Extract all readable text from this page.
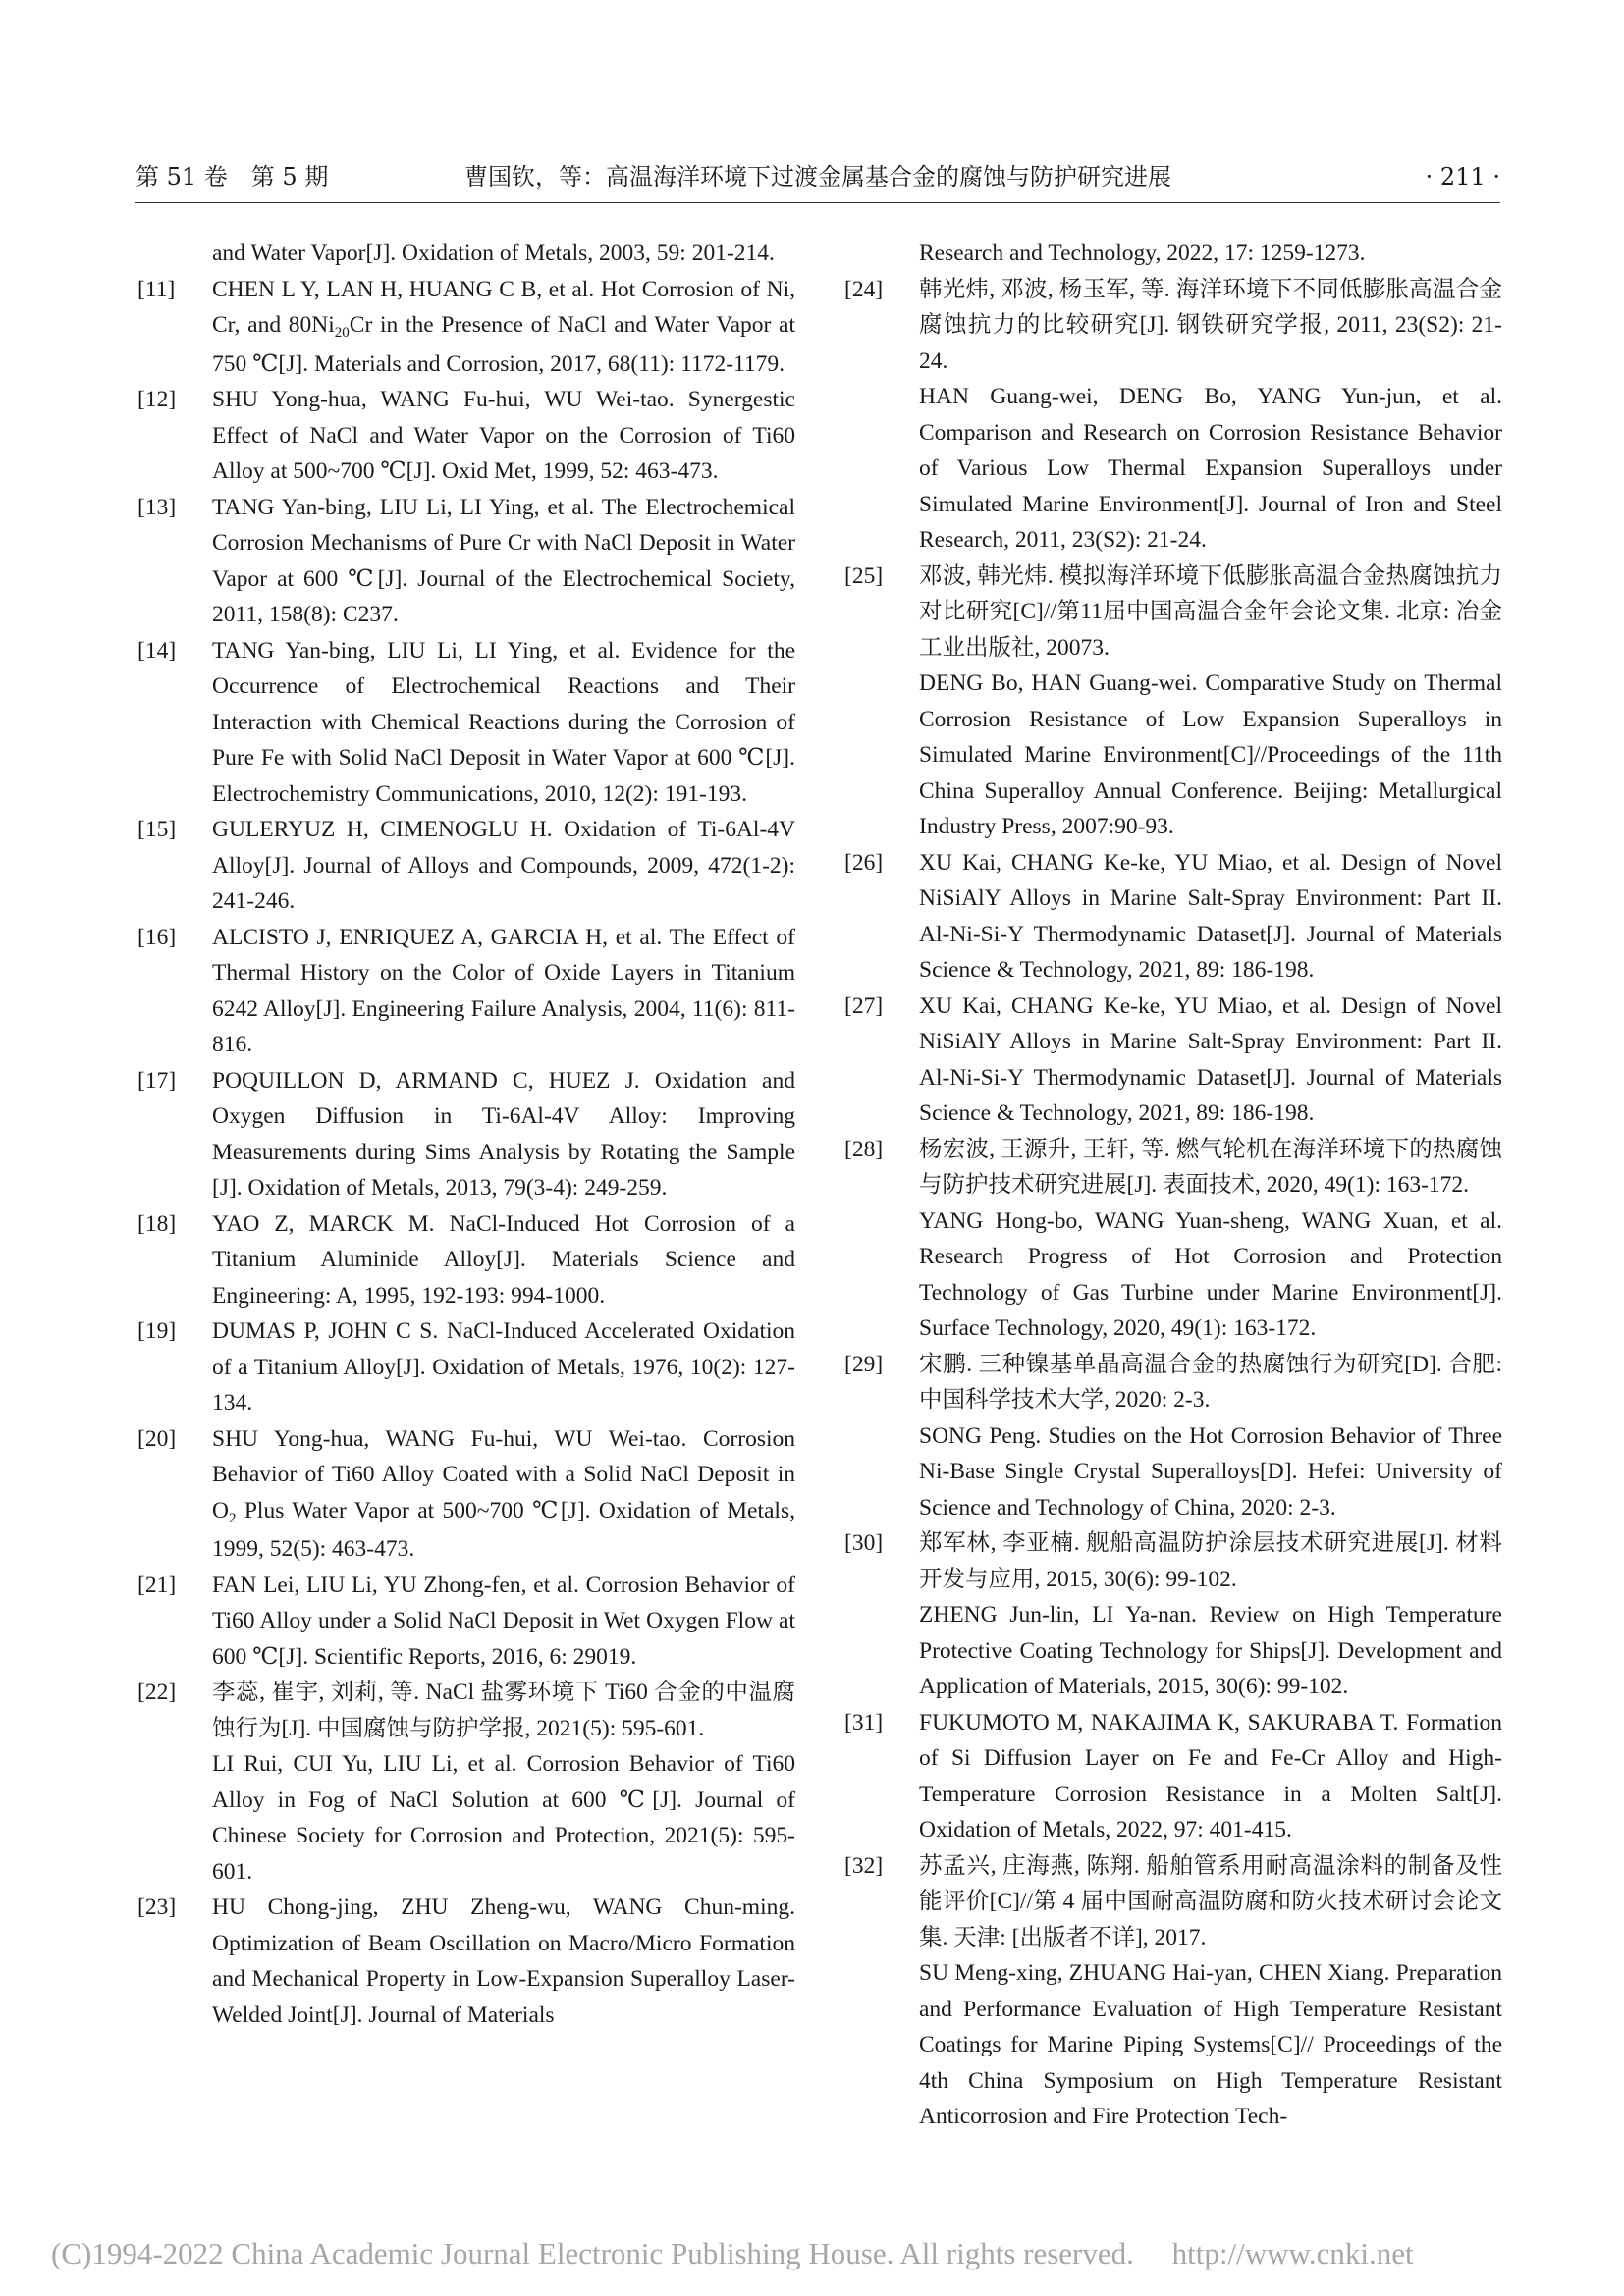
第 51 卷　第 5 期	曹国钦，等：高温海洋环境下过渡金属基合金的腐蚀与防护研究进展	· 211 ·
and Water Vapor[J]. Oxidation of Metals, 2003, 59: 201-214.
[11] CHEN L Y, LAN H, HUANG C B, et al. Hot Corrosion of Ni, Cr, and $80Ni_{20}Cr$ in the Presence of NaCl and Water Vapor at 750 ℃[J]. Materials and Corrosion, 2017, 68(11): 1172-1179.
[12] SHU Yong-hua, WANG Fu-hui, WU Wei-tao. Synergestic Effect of NaCl and Water Vapor on the Corrosion of Ti60 Alloy at 500~700 ℃[J]. Oxid Met, 1999, 52: 463-473.
[13] TANG Yan-bing, LIU Li, LI Ying, et al. The Electrochemical Corrosion Mechanisms of Pure Cr with NaCl Deposit in Water Vapor at 600 ℃[J]. Journal of the Electrochemical Society, 2011, 158(8): C237.
[14] TANG Yan-bing, LIU Li, LI Ying, et al. Evidence for the Occurrence of Electrochemical Reactions and Their Interaction with Chemical Reactions during the Corrosion of Pure Fe with Solid NaCl Deposit in Water Vapor at 600 ℃[J]. Electrochemistry Communications, 2010, 12(2): 191-193.
[15] GULERYUZ H, CIMENOGLU H. Oxidation of Ti-6Al-4V Alloy[J]. Journal of Alloys and Compounds, 2009, 472(1-2): 241-246.
[16] ALCISTO J, ENRIQUEZ A, GARCIA H, et al. The Effect of Thermal History on the Color of Oxide Layers in Titanium 6242 Alloy[J]. Engineering Failure Analysis, 2004, 11(6): 811-816.
[17] POQUILLON D, ARMAND C, HUEZ J. Oxidation and Oxygen Diffusion in Ti-6Al-4V Alloy: Improving Measurements during Sims Analysis by Rotating the Sample [J]. Oxidation of Metals, 2013, 79(3-4): 249-259.
[18] YAO Z, MARCK M. NaCl-Induced Hot Corrosion of a Titanium Aluminide Alloy[J]. Materials Science and Engineering: A, 1995, 192-193: 994-1000.
[19] DUMAS P, JOHN C S. NaCl-Induced Accelerated Oxidation of a Titanium Alloy[J]. Oxidation of Metals, 1976, 10(2): 127-134.
[20] SHU Yong-hua, WANG Fu-hui, WU Wei-tao. Corrosion Behavior of Ti60 Alloy Coated with a Solid NaCl Deposit in $O_2$ Plus Water Vapor at 500~700 ℃[J]. Oxidation of Metals, 1999, 52(5): 463-473.
[21] FAN Lei, LIU Li, YU Zhong-fen, et al. Corrosion Behavior of Ti60 Alloy under a Solid NaCl Deposit in Wet Oxygen Flow at 600 ℃[J]. Scientific Reports, 2016, 6: 29019.
[22] 李蕊, 崔宇, 刘莉, 等. NaCl 盐雾环境下 Ti60 合金的中温腐蚀行为[J]. 中国腐蚀与防护学报, 2021(5): 595-601.
LI Rui, CUI Yu, LIU Li, et al. Corrosion Behavior of Ti60 Alloy in Fog of NaCl Solution at 600 ℃[J]. Journal of Chinese Society for Corrosion and Protection, 2021(5): 595-601.
[23] HU Chong-jing, ZHU Zheng-wu, WANG Chun-ming. Optimization of Beam Oscillation on Macro/Micro Formation and Mechanical Property in Low-Expansion Superalloy Laser-Welded Joint[J]. Journal of Materials
Research and Technology, 2022, 17: 1259-1273.
[24] 韩光炜, 邓波, 杨玉军, 等. 海洋环境下不同低膨胀高温合金腐蚀抗力的比较研究[J]. 钢铁研究学报, 2011, 23(S2): 21-24.
HAN Guang-wei, DENG Bo, YANG Yun-jun, et al. Comparison and Research on Corrosion Resistance Behavior of Various Low Thermal Expansion Superalloys under Simulated Marine Environment[J]. Journal of Iron and Steel Research, 2011, 23(S2): 21-24.
[25] 邓波, 韩光炜. 模拟海洋环境下低膨胀高温合金热腐蚀抗力对比研究[C]//第11届中国高温合金年会论文集. 北京: 冶金工业出版社, 20073.
DENG Bo, HAN Guang-wei. Comparative Study on Thermal Corrosion Resistance of Low Expansion Superalloys in Simulated Marine Environment[C]//Proceedings of the 11th China Superalloy Annual Conference. Beijing: Metallurgical Industry Press, 2007:90-93.
[26] XU Kai, CHANG Ke-ke, YU Miao, et al. Design of Novel NiSiAlY Alloys in Marine Salt-Spray Environment: Part II. Al-Ni-Si-Y Thermodynamic Dataset[J]. Journal of Materials Science & Technology, 2021, 89: 186-198.
[27] XU Kai, CHANG Ke-ke, YU Miao, et al. Design of Novel NiSiAlY Alloys in Marine Salt-Spray Environment: Part II. Al-Ni-Si-Y Thermodynamic Dataset[J]. Journal of Materials Science & Technology, 2021, 89: 186-198.
[28] 杨宏波, 王源升, 王轩, 等. 燃气轮机在海洋环境下的热腐蚀与防护技术研究进展[J]. 表面技术, 2020, 49(1): 163-172.
YANG Hong-bo, WANG Yuan-sheng, WANG Xuan, et al. Research Progress of Hot Corrosion and Protection Technology of Gas Turbine under Marine Environment[J]. Surface Technology, 2020, 49(1): 163-172.
[29] 宋鹏. 三种镍基单晶高温合金的热腐蚀行为研究[D]. 合肥: 中国科学技术大学, 2020: 2-3.
SONG Peng. Studies on the Hot Corrosion Behavior of Three Ni-Base Single Crystal Superalloys[D]. Hefei: University of Science and Technology of China, 2020: 2-3.
[30] 郑军林, 李亚楠. 舰船高温防护涂层技术研究进展[J]. 材料开发与应用, 2015, 30(6): 99-102.
ZHENG Jun-lin, LI Ya-nan. Review on High Temperature Protective Coating Technology for Ships[J]. Development and Application of Materials, 2015, 30(6): 99-102.
[31] FUKUMOTO M, NAKAJIMA K, SAKURABA T. Formation of Si Diffusion Layer on Fe and Fe-Cr Alloy and High-Temperature Corrosion Resistance in a Molten Salt[J]. Oxidation of Metals, 2022, 97: 401-415.
[32] 苏孟兴, 庄海燕, 陈翔. 船舶管系用耐高温涂料的制备及性能评价[C]//第 4 届中国耐高温防腐和防火技术研讨会论文集. 天津: [出版者不详], 2017.
SU Meng-xing, ZHUANG Hai-yan, CHEN Xiang. Preparation and Performance Evaluation of High Temperature Resistant Coatings for Marine Piping Systems[C]// Proceedings of the 4th China Symposium on High Temperature Resistant Anticorrosion and Fire Protection Tech-
(C)1994-2022 China Academic Journal Electronic Publishing House. All rights reserved.　 http://www.cnki.net
